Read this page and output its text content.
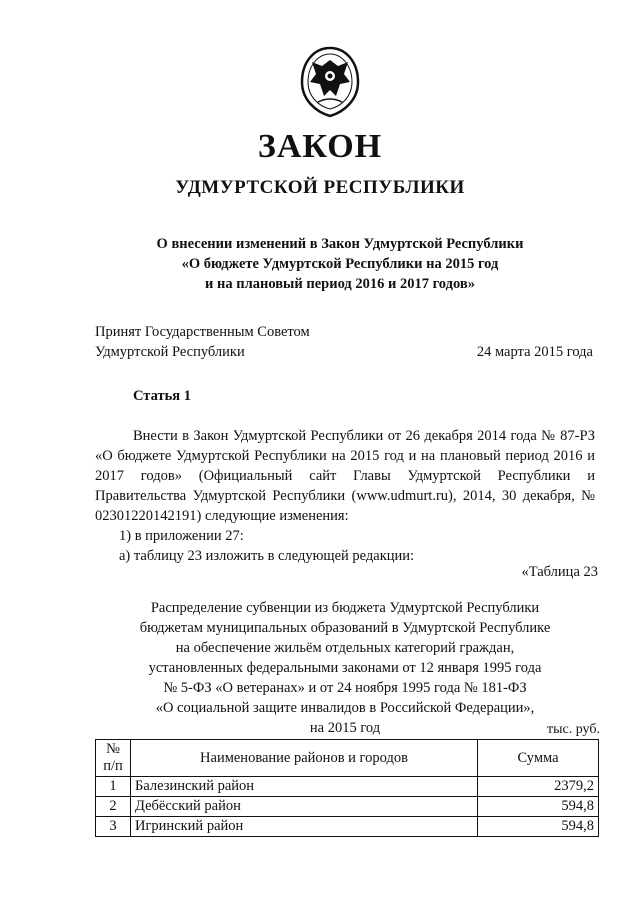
ЗАКОН
УДМУРТСКОЙ РЕСПУБЛИКИ
О внесении изменений в Закон Удмуртской Республики
«О бюджете Удмуртской Республики на 2015 год
и на плановый период 2016 и 2017 годов»
Принят Государственным Советом
Удмуртской Республики	24 марта 2015 года
Статья 1

Внести в Закон Удмуртской Республики от 26 декабря 2014 года № 87-РЗ «О бюджете Удмуртской Республики на 2015 год и на плановый период 2016 и 2017 годов» (Официальный сайт Главы Удмуртской Республики и Правительства Удмуртской Республики (www.udmurt.ru), 2014, 30 декабря, № 02301220142191) следующие изменения:

1) в приложении 27:

а) таблицу 23 изложить в следующей редакции:

«Таблица 23
Распределение субвенции из бюджета Удмуртской Республики
бюджетам муниципальных образований в Удмуртской Республике
на обеспечение жильём отдельных категорий граждан,
установленных федеральными законами от 12 января 1995 года
№ 5-ФЗ «О ветеранах» и от 24 ноября 1995 года № 181-ФЗ
«О социальной защите инвалидов в Российской Федерации»,
на 2015 год	тыс. руб.
№
п/п	Наименование районов и городов	Сумма
1	Балезинский район	2379,2
2	Дебёсский район	594,8
3	Игринский район	594,8
